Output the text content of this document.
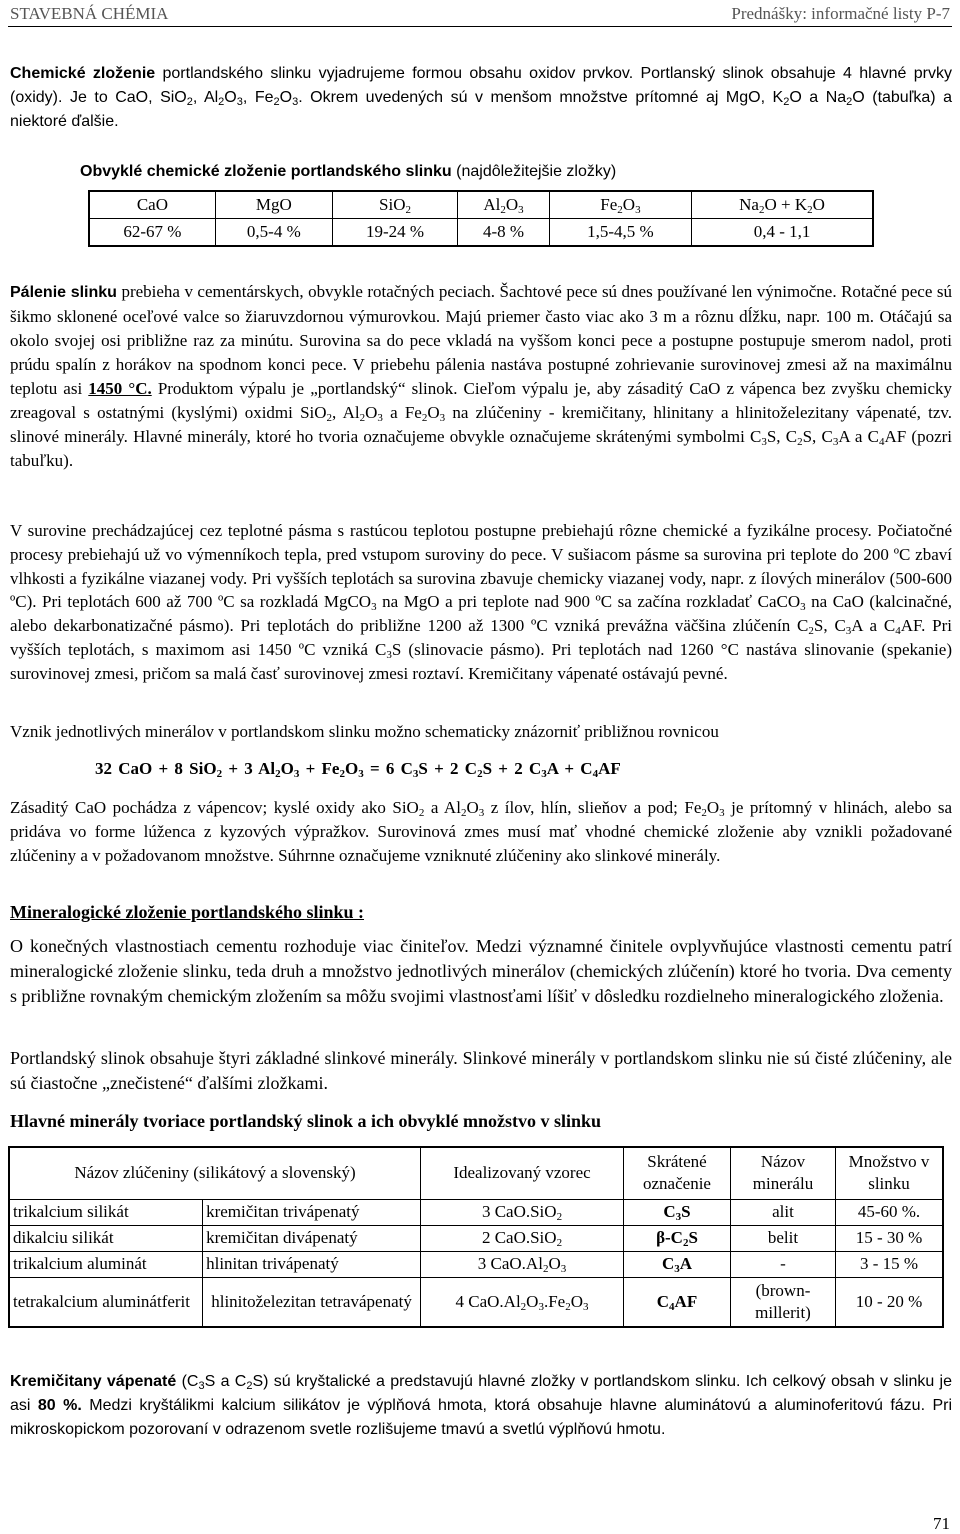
STAVEBNÁ CHÉMIA	Prednášky: informačné listy P-7

Chemické zloženie portlandského slinku vyjadrujeme formou obsahu oxidov prvkov. Portlanský slinok obsahuje 4 hlavné prvky (oxidy). Je to CaO, SiO$_2$, $Al_2O_3$, $Fe_2O_3$. Okrem uvedených sú v menšom množstve prítomné aj MgO, $K_2O$ a $Na_2O$ (tabuľka) a niektoré ďalšie.

Obvyklé chemické zloženie portlandského slinku (najdôležitejšie zložky)
CaO	MgO	SiO$_2$	$Al_2O_3$	$Fe_2O_3$	$Na_2O + K_2O$
62-67 %	0,5-4 %	19-24 %	4-8 %	1,5-4,5 %	0,4 - 1,1

Pálenie slinku prebieha v cementárskych, obvykle rotačných peciach. Šachtové pece sú dnes používané len výnimočne. Rotačné pece sú šikmo sklonené oceľové valce so žiaruvzdornou výmurovkou. Majú priemer často viac ako 3 m a rôznu dĺžku, napr. 100 m. Otáčajú sa okolo svojej osi približne raz za minútu. Surovina sa do pece vkladá na vyššom konci pece a postupne postupuje smerom nadol, proti prúdu spalín z horákov na spodnom konci pece. V priebehu pálenia nastáva postupné zohrievanie surovinovej zmesi až na maximálnu teplotu asi 1450 °C. Produktom výpalu je „portlandský“ slinok. Cieľom výpalu je, aby zásaditý CaO z vápenca bez zvyšku chemicky zreagoval s ostatnými (kyslými) oxidmi SiO$_2$, $Al_2O_3$ a $Fe_2O_3$ na zlúčeniny - kremičitany, hlinitany a hlinitoželezitany vápenaté, tzv. slinové minerály. Hlavné minerály, ktoré ho tvoria označujeme obvykle označujeme skrátenými symbolmi $C_3S$, $C_2S$, $C_3A$ a $C_4AF$ (pozri tabuľku).

V surovine prechádzajúcej cez teplotné pásma s rastúcou teplotou postupne prebiehajú rôzne chemické a fyzikálne procesy. Počiatočné procesy prebiehajú už vo výmenníkoch tepla, pred vstupom suroviny do pece. V sušiacom pásme sa surovina pri teplote do 200 ºC zbaví vlhkosti a fyzikálne viazanej vody. Pri vyšších teplotách sa surovina zbavuje chemicky viazanej vody, napr. z ílových minerálov (500-600 ºC). Pri teplotách 600 až 700 ºC sa rozkladá MgCO$_3$ na MgO a pri teplote nad 900 ºC sa začína rozkladať CaCO$_3$ na CaO (kalcinačné, alebo dekarbonatizačné pásmo). Pri teplotách do približne 1200 až 1300 ºC vzniká prevážna väčšina zlúčenín $C_2S$, $C_3A$ a $C_4AF$. Pri vyšších teplotách, s maximom asi 1450 ºC vzniká $C_3S$ (slinovacie pásmo). Pri teplotách nad 1260 °C nastáva slinovanie (spekanie) surovinovej zmesi, pričom sa malá časť surovinovej zmesi roztaví. Kremičitany vápenaté ostávajú pevné.

Vznik jednotlivých minerálov v portlandskom slinku možno schematicky znázorniť približnou rovnicou

32 CaO + 8 SiO$_2$ + 3 $Al_2O_3 + Fe_2O_3 = 6$ $C_3S + 2$ $C_2S + 2$ $C_3A + C_4AF$

Zásaditý CaO pochádza z vápencov; kyslé oxidy ako SiO$_2$ a $Al_2O_3$ z ílov, hlín, slieňov a pod; $Fe_2O_3$ je prítomný v hlinách, alebo sa pridáva vo forme lúženca z kyzových výpražkov. Surovinová zmes musí mať vhodné chemické zloženie aby vznikli požadované zlúčeniny a v požadovanom množstve. Súhrnne označujeme vzniknuté zlúčeniny ako slinkové minerály.

Mineralogické zloženie portlandského slinku :

O konečných vlastnostiach cementu rozhoduje viac činiteľov. Medzi významné činitele ovplyvňujúce vlastnosti cementu patrí mineralogické zloženie slinku, teda druh a množstvo jednotlivých minerálov (chemických zlúčenín) ktoré ho tvoria. Dva cementy s približne rovnakým chemickým zložením sa môžu svojimi vlastnosťami líšiť v dôsledku rozdielneho mineralogického zloženia.

Portlandský slinok obsahuje štyri základné slinkové minerály. Slinkové minerály v portlandskom slinku nie sú čisté zlúčeniny, ale sú čiastočne „znečistené“ ďalšími zložkami.

Hlavné minerály tvoriace portlandský slinok a ich obvyklé množstvo v slinku
Názov zlúčeniny (silikátový a slovenský)		Idealizovaný vzorec	Skrátené označenie	Názov minerálu	Množstvo v slinku
trikalcium silikát	kremičitan trivápenatý	3 CaO.SiO$_2$	$C_3S$	alit	45-60 %.
dikalciu silikát	kremičitan divápenatý	2 CaO.SiO$_2$	$\beta-C_2S$	belit	15 - 30 %
trikalcium aluminát	hlinitan trivápenatý	3 $CaO.Al_2O_3$	$C_3A$	-	3 - 15 %
tetrakalcium aluminátferit	hlinitoželezitan tetravápenatý	4 $CaO.Al_2O_3.Fe_2O_3$	$C_4AF$	(brown-millerit)	10 - 20 %

Kremičitany vápenaté ($C_3S$ a $C_2S$) sú kryštalické a predstavujú hlavné zložky v portlandskom slinku. Ich celkový obsah v slinku je asi 80 %. Medzi kryštálikmi kalcium silikátov je výplňová hmota, ktorá obsahuje hlavne aluminátovú a aluminoferitovú fázu. Pri mikroskopickom pozorovaní v odrazenom svetle rozlišujeme tmavú a svetlú výplňovú hmotu.

71
